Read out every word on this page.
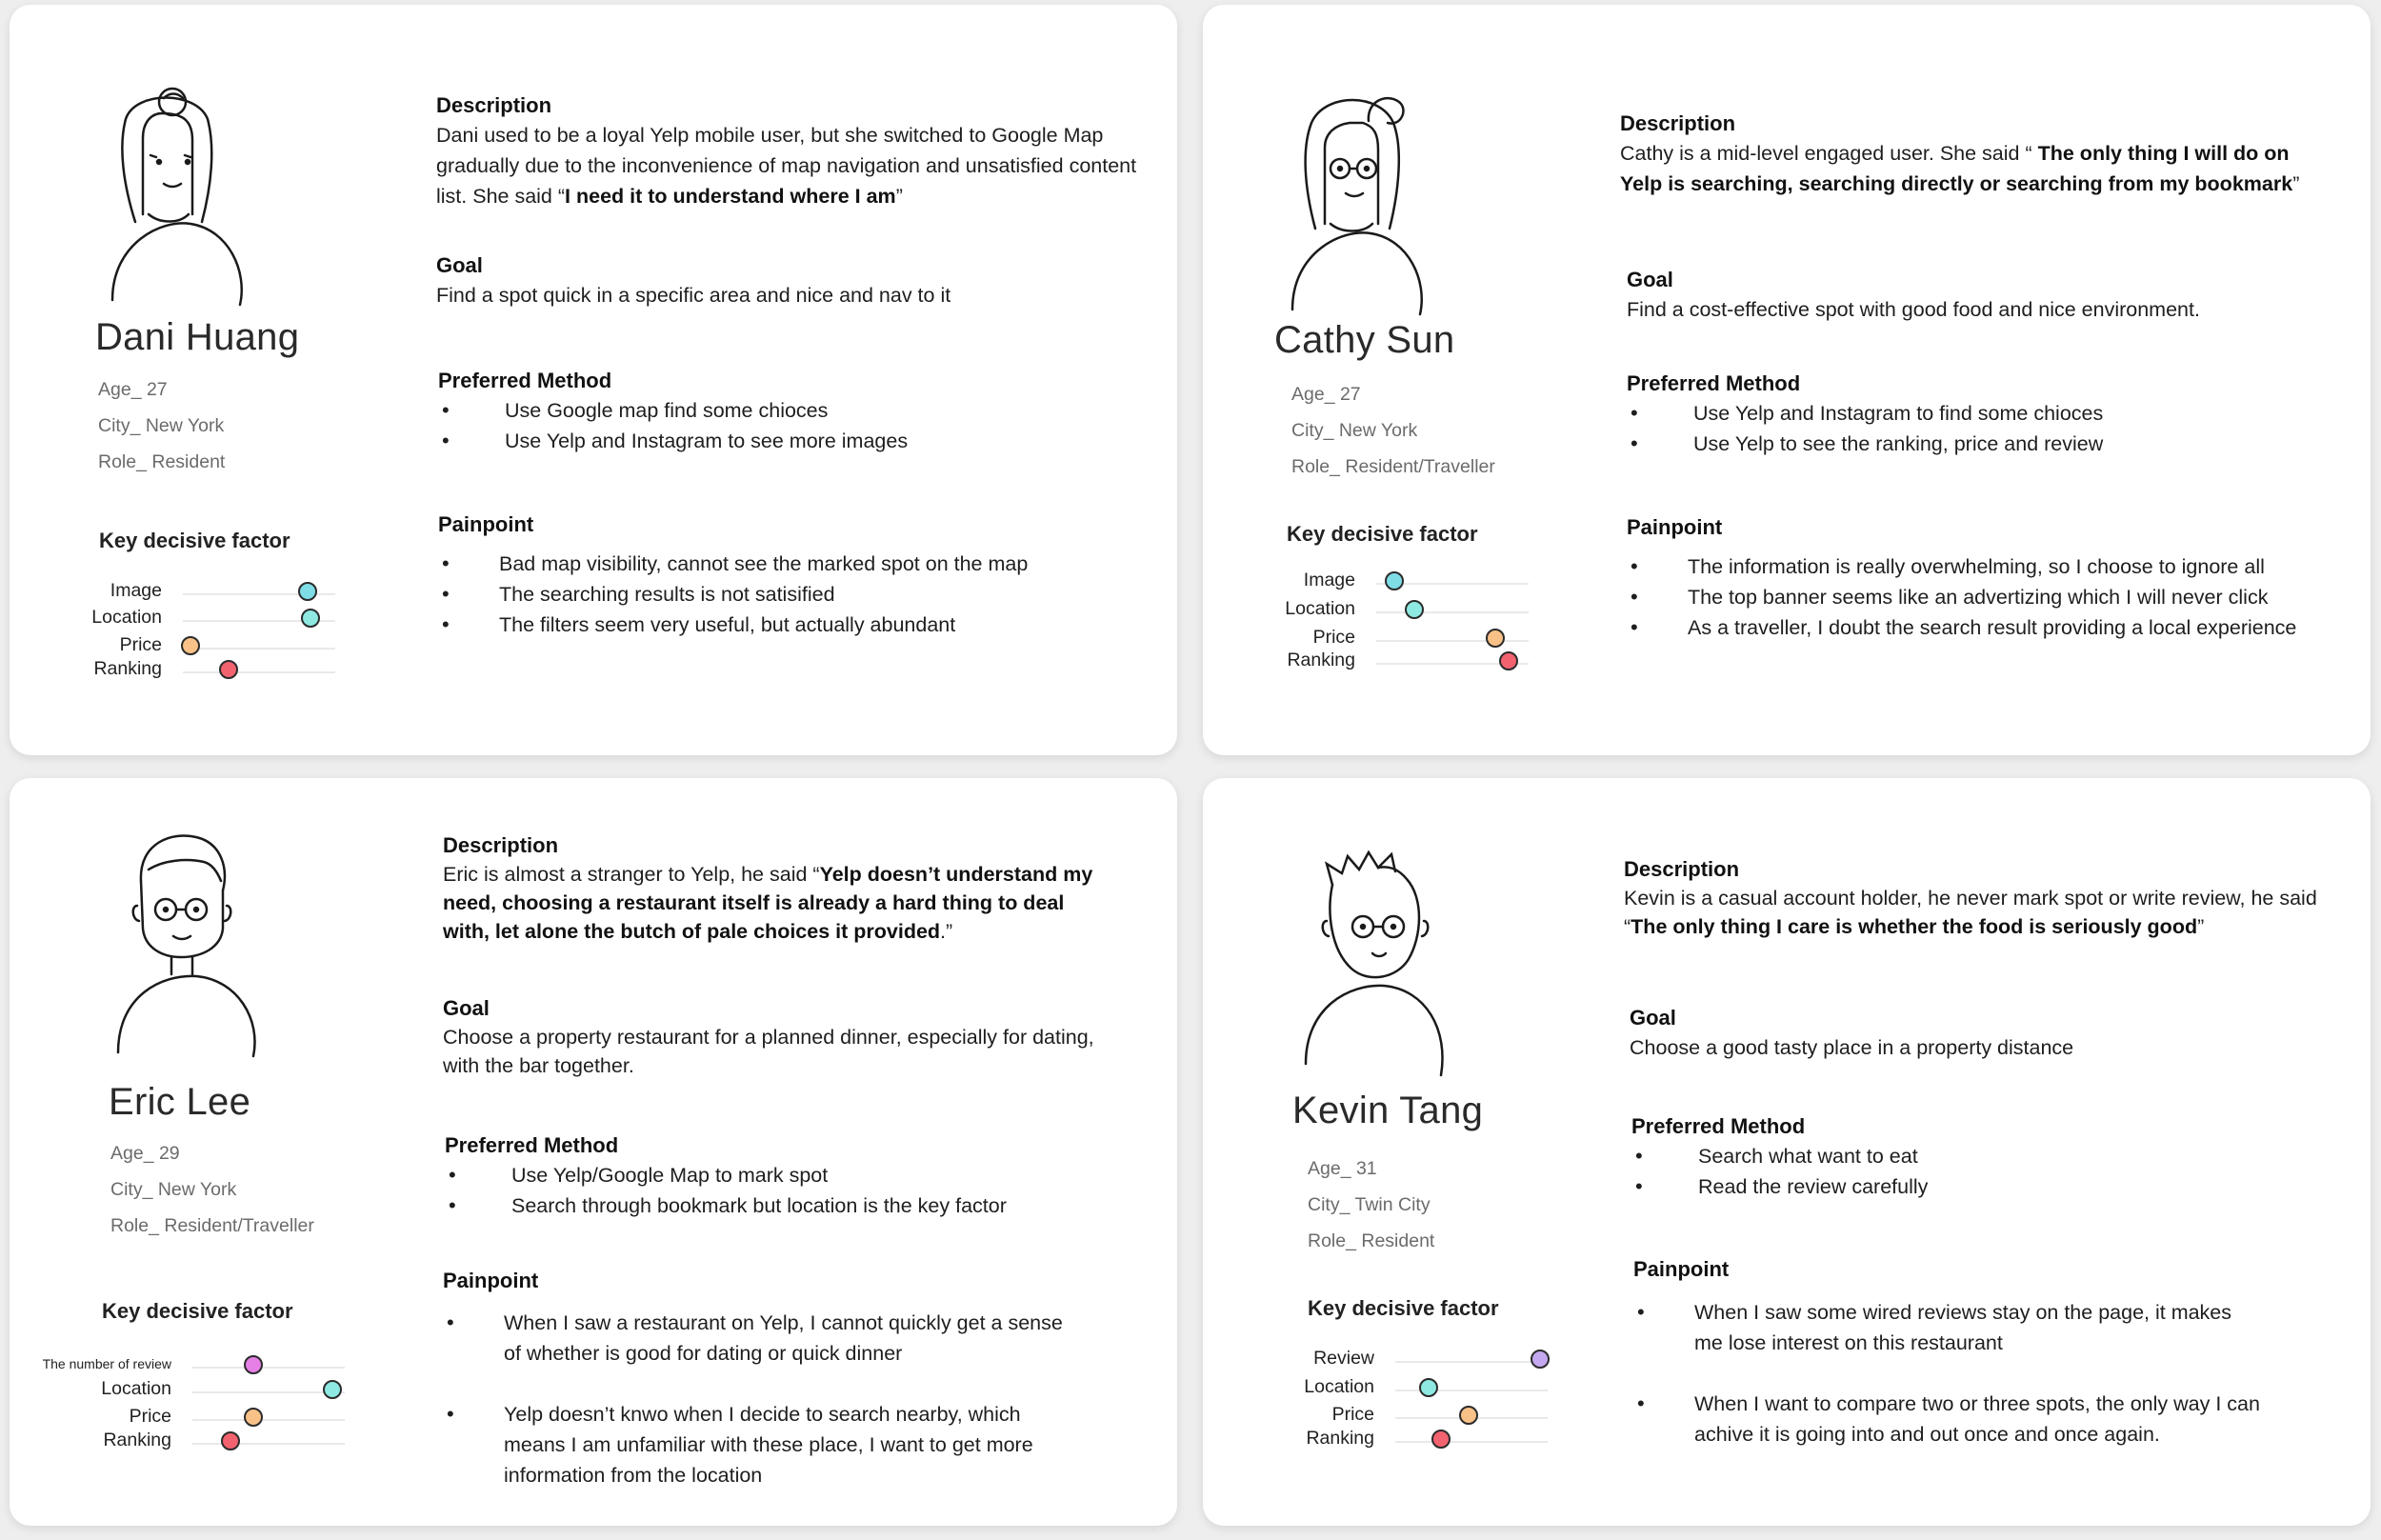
Dani Huang
Age_ 27
City_ New York
Role_ Resident
Key decisive factor
Image
Location
Price
Ranking
Description
Dani used to be a loyal Yelp mobile user, but she switched to Google Map gradually due to the inconvenience of map navigation and unsatisfied content list. She said “I need it to understand where I am”
Goal
Find a spot quick in a specific area and nice and nav to it
Preferred Method
• Use Google map find some chioces
• Use Yelp and Instagram to see more images
Painpoint
• Bad map visibility, cannot see the marked spot on the map
• The searching results is not satisified
• The filters seem very useful, but actually abundant
Cathy Sun
Age_ 27
City_ New York
Role_ Resident/Traveller
Key decisive factor
Image
Location
Price
Ranking
Description
Cathy is a mid-level engaged user. She said “ The only thing I will do on Yelp is searching, searching directly or searching from my bookmark”
Goal
Find a cost-effective spot with good food and nice environment.
Preferred Method
• Use Yelp and Instagram to find some chioces
• Use Yelp to see the ranking, price and review
Painpoint
• The information is really overwhelming, so I choose to ignore all
• The top banner seems like an advertizing which I will never click
• As a traveller, I doubt the search result providing a local experience
Eric Lee
Age_ 29
City_ New York
Role_ Resident/Traveller
Key decisive factor
The number of review
Location
Price
Ranking
Description
Eric is almost a stranger to Yelp, he said “Yelp doesn’t understand my need, choosing a restaurant itself is already a hard thing to deal with, let alone the butch of pale choices it provided.”
Goal
Choose a property restaurant for a planned dinner, especially for dating, with the bar together.
Preferred Method
• Use Yelp/Google Map to mark spot
• Search through bookmark but location is the key factor
Painpoint
• When I saw a restaurant on Yelp, I cannot quickly get a sense of whether is good for dating or quick dinner
• Yelp doesn’t knwo when I decide to search nearby, which means I am unfamiliar with these place, I want to get more information from the location
Kevin Tang
Age_ 31
City_ Twin City
Role_ Resident
Key decisive factor
Review
Location
Price
Ranking
Description
Kevin is a casual account holder, he never mark spot or write review, he said “The only thing I care is whether the food is seriously good”
Goal
Choose a good tasty place in a property distance
Preferred Method
• Search what want to eat
• Read the review carefully
Painpoint
• When I saw some wired reviews stay on the page, it makes me lose interest on this restaurant
• When I want to compare two or three spots, the only way I can achive it is going into and out once and once again.
